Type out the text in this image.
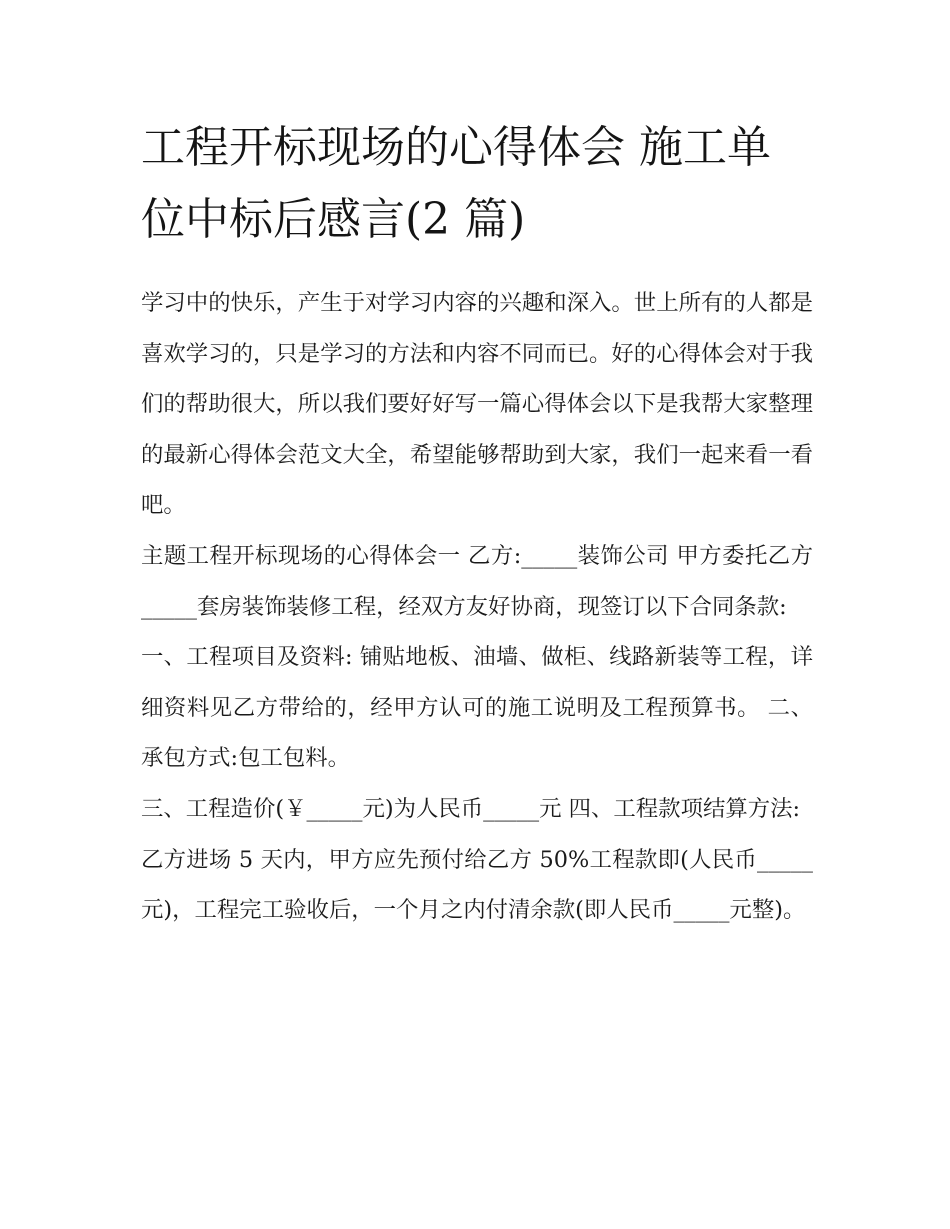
工程开标现场的心得体会 施工单位中标后感言(2 篇)

学习中的快乐，产生于对学习内容的兴趣和深入。世上所有的人都是喜欢学习的，只是学习的方法和内容不同而已。好的心得体会对于我们的帮助很大，所以我们要好好写一篇心得体会以下是我帮大家整理的最新心得体会范文大全，希望能够帮助到大家，我们一起来看一看吧。

主题工程开标现场的心得体会一 乙方:_____装饰公司 甲方委托乙方_____套房装饰装修工程，经双方友好协商，现签订以下合同条款:

一、工程项目及资料: 铺贴地板、油墙、做柜、线路新装等工程，详细资料见乙方带给的，经甲方认可的施工说明及工程预算书。 二、承包方式:包工包料。

三、工程造价(￥_____元)为人民币_____元 四、工程款项结算方法:

乙方进场 5 天内，甲方应先预付给乙方 50%工程款即(人民币_____元)，工程完工验收后，一个月之内付清余款(即人民币_____元整)。
